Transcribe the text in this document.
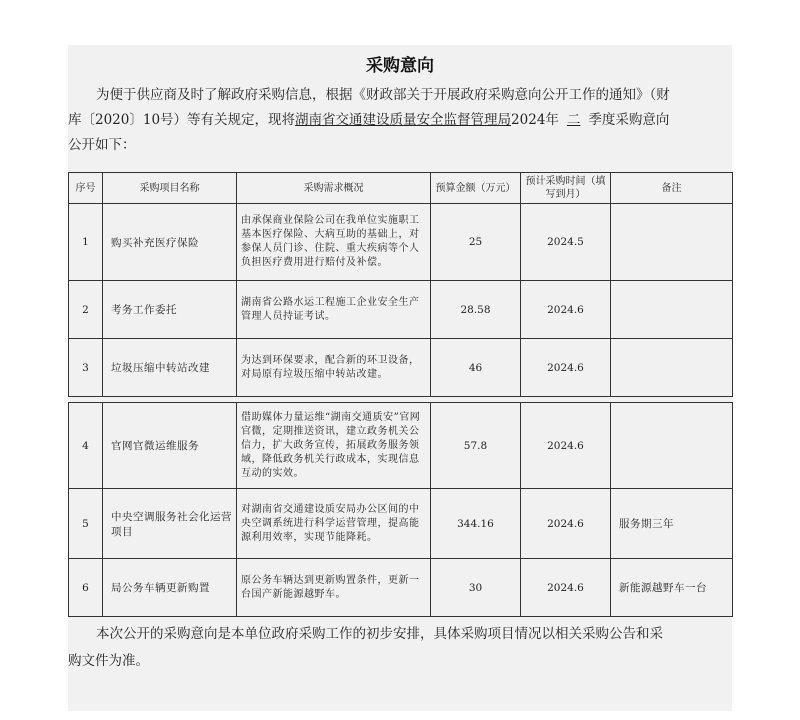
采购意向
为便于供应商及时了解政府采购信息，根据《财政部关于开展政府采购意向公开工作的通知》（财
库〔2020〕10号）等有关规定，现将湖南省交通建设质量安全监督管理局2024年 二 季度采购意向
公开如下：
序号	采购项目名称	采购需求概况	预算金额（万元）	预计采购时间（填写到月）	备注
1	购买补充医疗保险	由承保商业保险公司在我单位实施职工基本医疗保险、大病互助的基础上，对参保人员门诊、住院、重大疾病等个人负担医疗费用进行赔付及补偿。	25	2024.5	
2	考务工作委托	湖南省公路水运工程施工企业安全生产管理人员持证考试。	28.58	2024.6	
3	垃圾压缩中转站改建	为达到环保要求，配合新的环卫设备，对局原有垃圾压缩中转站改建。	46	2024.6	
4	官网官微运维服务	借助媒体力量运维“湖南交通质安”官网官微，定期推送资讯，建立政务机关公信力，扩大政务宣传，拓展政务服务领域，降低政务机关行政成本，实现信息互动的实效。	57.8	2024.6	
5	中央空调服务社会化运营项目	对湖南省交通建设质安局办公区间的中央空调系统进行科学运营管理，提高能源利用效率，实现节能降耗。	344.16	2024.6	服务期三年
6	局公务车辆更新购置	原公务车辆达到更新购置条件，更新一台国产新能源越野车。	30	2024.6	新能源越野车一台
本次公开的采购意向是本单位政府采购工作的初步安排，具体采购项目情况以相关采购公告和采
购文件为准。
